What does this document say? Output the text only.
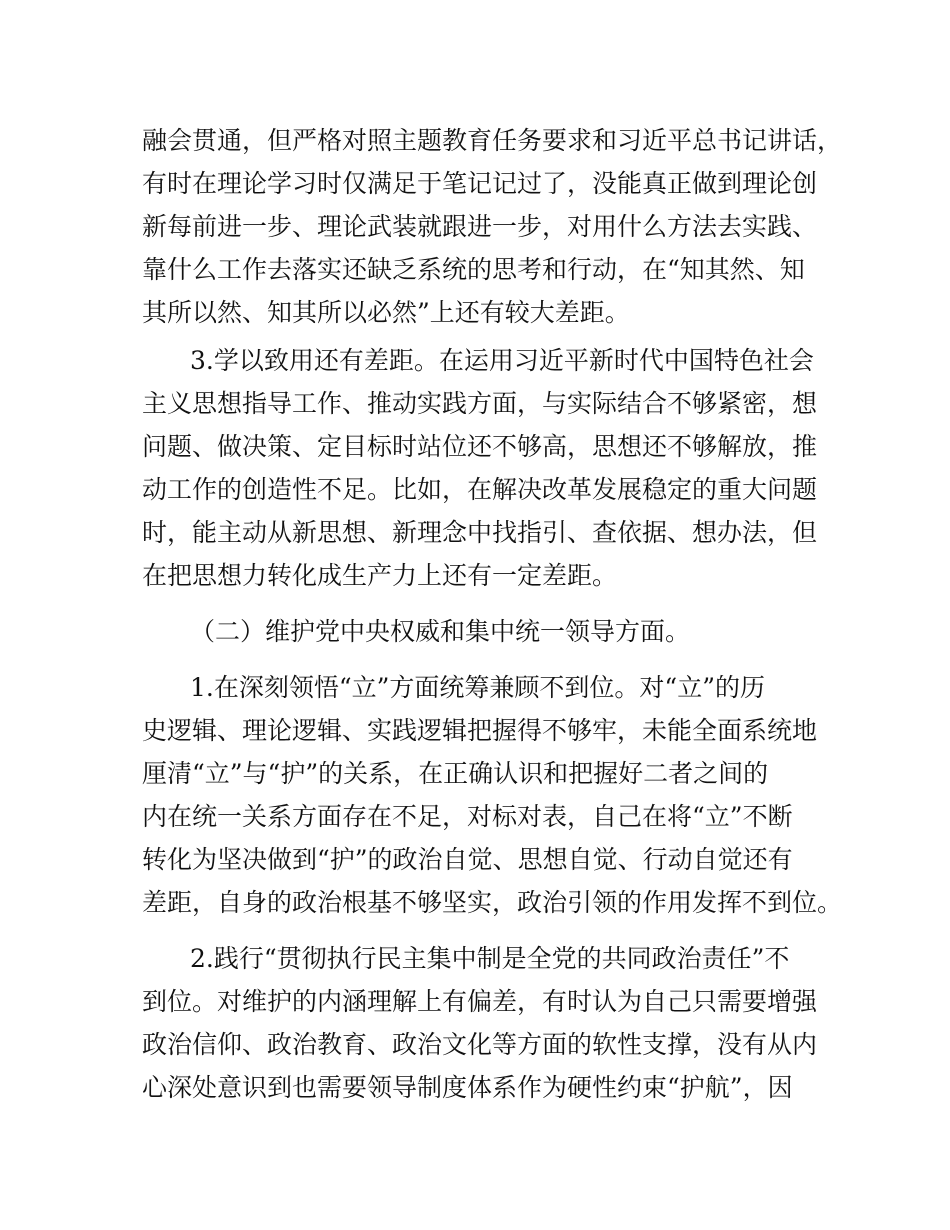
融会贯通，但严格对照主题教育任务要求和习近平总书记讲话，
有时在理论学习时仅满足于笔记记过了，没能真正做到理论创
新每前进一步、理论武装就跟进一步，对用什么方法去实践、
靠什么工作去落实还缺乏系统的思考和行动，在“知其然、知
其所以然、知其所以必然”上还有较大差距。
3.学以致用还有差距。在运用习近平新时代中国特色社会
主义思想指导工作、推动实践方面，与实际结合不够紧密，想
问题、做决策、定目标时站位还不够高，思想还不够解放，推
动工作的创造性不足。比如，在解决改革发展稳定的重大问题
时，能主动从新思想、新理念中找指引、查依据、想办法，但
在把思想力转化成生产力上还有一定差距。
（二）维护党中央权威和集中统一领导方面。
1.在深刻领悟“立”方面统筹兼顾不到位。对“立”的历
史逻辑、理论逻辑、实践逻辑把握得不够牢，未能全面系统地
厘清“立”与“护”的关系，在正确认识和把握好二者之间的
内在统一关系方面存在不足，对标对表，自己在将“立”不断
转化为坚决做到“护”的政治自觉、思想自觉、行动自觉还有
差距，自身的政治根基不够坚实，政治引领的作用发挥不到位。
2.践行“贯彻执行民主集中制是全党的共同政治责任”不
到位。对维护的内涵理解上有偏差，有时认为自己只需要增强
政治信仰、政治教育、政治文化等方面的软性支撑，没有从内
心深处意识到也需要领导制度体系作为硬性约束“护航”，因
